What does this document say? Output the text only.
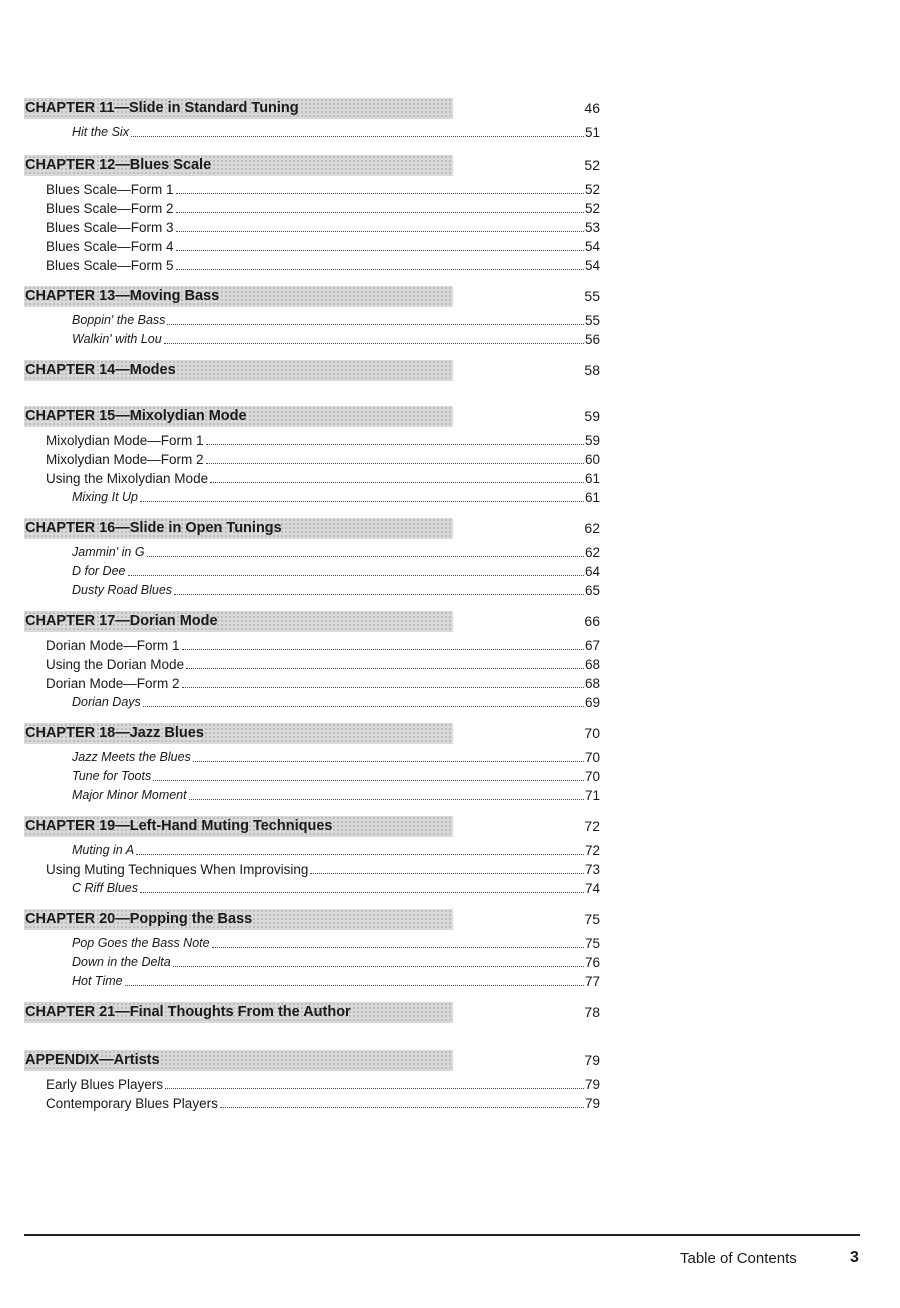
CHAPTER 11—Slide in Standard Tuning	46
Hit the Six	51
CHAPTER 12—Blues Scale	52
Blues Scale—Form 1	52
Blues Scale—Form 2	52
Blues Scale—Form 3	53
Blues Scale—Form 4	54
Blues Scale—Form 5	54
CHAPTER 13—Moving Bass	55
Boppin' the Bass	55
Walkin' with Lou	56
CHAPTER 14—Modes	58
CHAPTER 15—Mixolydian Mode	59
Mixolydian Mode—Form 1	59
Mixolydian Mode—Form 2	60
Using the Mixolydian Mode	61
Mixing It Up	61
CHAPTER 16—Slide in Open Tunings	62
Jammin' in G	62
D for Dee	64
Dusty Road Blues	65
CHAPTER 17—Dorian Mode	66
Dorian Mode—Form 1	67
Using the Dorian Mode	68
Dorian Mode—Form 2	68
Dorian Days	69
CHAPTER 18—Jazz Blues	70
Jazz Meets the Blues	70
Tune for Toots	70
Major Minor Moment	71
CHAPTER 19—Left-Hand Muting Techniques	72
Muting in A	72
Using Muting Techniques When Improvising	73
C Riff Blues	74
CHAPTER 20—Popping the Bass	75
Pop Goes the Bass Note	75
Down in the Delta	76
Hot Time	77
CHAPTER 21—Final Thoughts From the Author	78
APPENDIX—Artists	79
Early Blues Players	79
Contemporary Blues Players	79
Table of Contents	3
